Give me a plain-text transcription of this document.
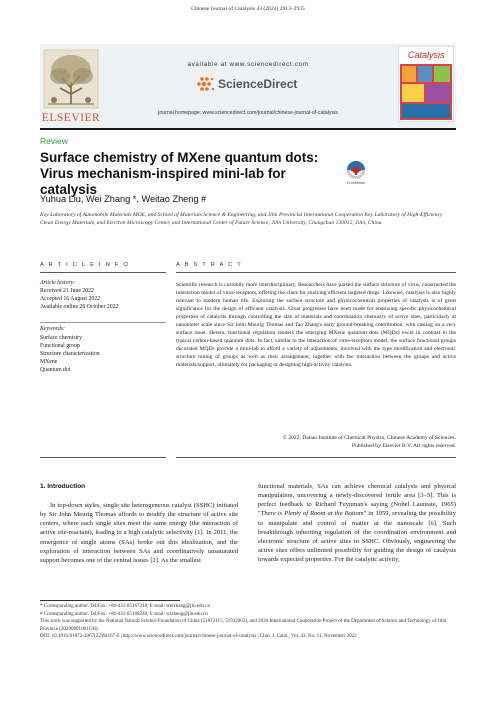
Chinese Journal of Catalysis 43 (2022) 2913–2935
ELSEVIER
available at www.sciencedirect.com
ScienceDirect
journal homepage: www.sciencedirect.com/journal/chinese-journal-of-catalysis
Catalysis
Review
Surface chemistry of MXene quantum dots: Virus mechanism-inspired mini-lab for catalysis	CrossMark
Yuhua Liu, Wei Zhang *, Weitao Zheng #
Key Laboratory of Automobile Materials MOE, and School of Materials Science & Engineering, and Jilin Provincial International Cooperation Key Laboratory of High-Efficiency Clean Energy Materials, and Electron Microscopy Center, and International Center of Future Science, Jilin University, Changchun 130012, Jilin, China
A R T I C L E I N F O	A B S T R A C T
Article history:
Received 21 June 2022
Accepted 16 August 2022
Available online 20 October 2022
Keywords:
Surface chemistry
Functional group
Structure characterization
MXene
Quantum dot
Scientific research is currently more interdisciplinary. Researchers have parsed the surface structure of virus, constructed the interaction model of virus-receptors, offering the clues for studying efficient targeted drugs. Likewise, catalysis is also highly relevant to modern human life. Exploring the surface structure and physicochemical properties of catalysts is of great significance for the design of efficient catalysts. Great progresses have been made for endowing specific physicochemical properties of catalysts through controlling the size of materials and coordination chemistry of active sites, particularly at nanometer scale since Sir John Meurig Thomas and Tao Zhang's early ground-breaking contribution, with casting on a very surface issue. Herein, functional regulation renders the emerging MXene quantum dots (MQDs) excel in contrast to the typical carbon-based quantum dots. In fact, similar to the interaction of virus-receptors model, the surface functional groups decorated MQDs provide a mini-lab to afford a variety of adjustments, involved with the type modification and electronic structure tuning of groups as well as their arrangement, together with the interaction between the groups and active materials/support, ultimately for packaging or designing high-activity catalysts.
© 2022, Dalian Institute of Chemical Physics, Chinese Academy of Sciences.
Published by Elsevier B.V. All rights reserved.
1. Introduction
In top-down styles, single site heterogeneous catalyst (SSHC) initiated by Sir John Meurig Thomas affords to modify the structure of active site centers, where each single sites meet the same energy (the interaction of active site-reactant), leading to a high catalytic selectivity [1]. In 2011, the emergence of single atoms (SAs) broke out this idealization, and the exploration of interaction between SAs and coordinatively unsaturated support becomes one of the central issues [2]. As the smallest
functional materials, SAs can achieve chemical catalysis and physical manipulation, uncovering a newly-discovered fertile area [3–5]. This is perfect feedback to Richard Feynman's saying (Nobel Laureate, 1965) "There is Plenty of Room at the Bottom" in 1959, revealing the possibility to manipulate and control of matter at the nanoscale [6]. Such breakthrough inheriting regulation of the coordination environment and electronic structure of active sites in SSHC. Obviously, engineering the active sites offers unlimited possibility for guiding the design of catalysts towards expected properties. For the catalytic activity,
* Corresponding author. Tel/Fax: +86-431-85167218; E-mail: weizhang@jlu.edu.cn
# Corresponding author. Tel/Fax: +86-431-85168246; E-mail: wtzheng@jlu.edu.cn
This work was supported by the National Natural Science Foundation of China (51872115, 51932003), and 2020 International Cooperation Project of the Department of Science and Technology of Jilin Province (20200801001GH).
DOI: 10.1016/S1872-2067(22)64167-6 | http://www.sciencedirect.com/journal/chinese-journal-of-catalysis | Chin. J. Catal., Vol. 43, No. 11, November 2022
